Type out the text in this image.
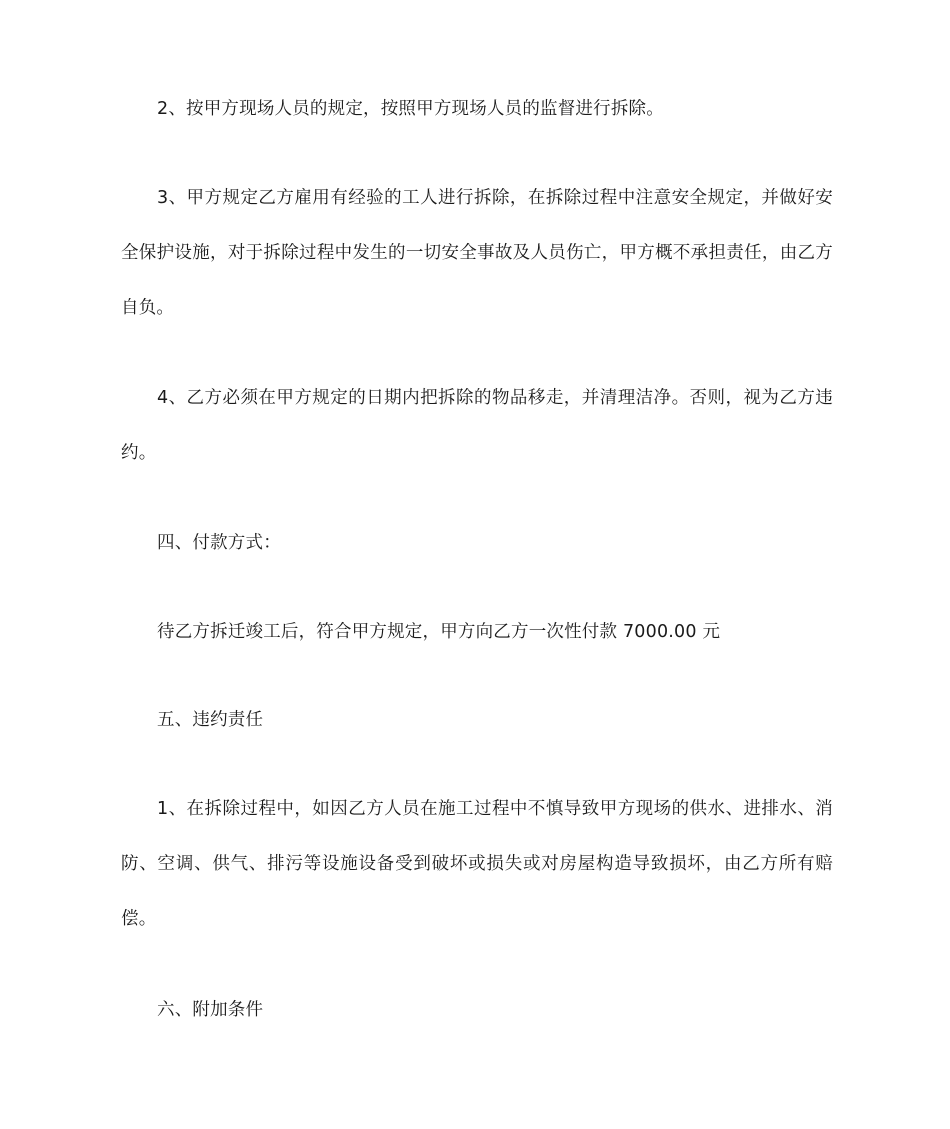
2、按甲方现场人员的规定，按照甲方现场人员的监督进行拆除。

3、甲方规定乙方雇用有经验的工人进行拆除，在拆除过程中注意安全规定，并做好安全保护设施，对于拆除过程中发生的一切安全事故及人员伤亡，甲方概不承担责任，由乙方自负。

4、乙方必须在甲方规定的日期内把拆除的物品移走，并清理洁净。否则，视为乙方违约。

四、付款方式：

待乙方拆迁竣工后，符合甲方规定，甲方向乙方一次性付款 7000.00 元

五、违约责任

1、在拆除过程中，如因乙方人员在施工过程中不慎导致甲方现场的供水、进排水、消防、空调、供气、排污等设施设备受到破坏或损失或对房屋构造导致损坏，由乙方所有赔偿。

六、附加条件
